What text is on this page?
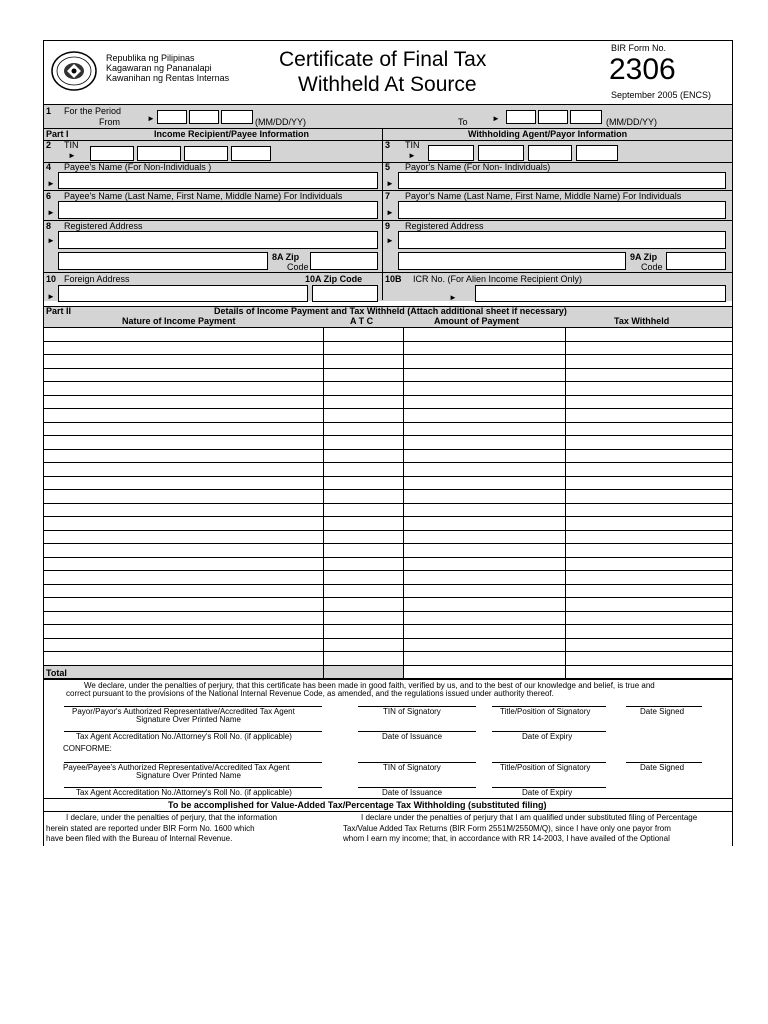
Republika ng Pilipinas
Kagawaran ng Pananalapi
Kawanihan ng Rentas Internas
Certificate of Final Tax
Withheld At Source
BIR Form No.
2306
September 2005 (ENCS)
1 For the Period
From	►	(MM/DD/YY)	To	►	(MM/DD/YY)
Part I	Income Recipient/Payee Information	Withholding Agent/Payor Information
2 TIN
►
3 TIN
►
4 Payee's Name (For Non-Individuals )
►
5 Payor's Name (For Non- Individuals)
►
6 Payee's Name (Last Name, First Name, Middle Name) For Individuals
►
7 Payor's Name (Last Name, First Name, Middle Name) For Individuals
►
8 Registered Address
►
8A Zip
Code
9 Registered Address
►
9A Zip
Code
10 Foreign Address	10A Zip Code
►
10B ICR No. (For Alien Income Recipient Only)
►
Part II	Details of Income Payment and Tax Withheld (Attach additional sheet if necessary)
Nature of Income Payment	A T C	Amount of Payment	Tax Withheld
Total
We declare, under the penalties of perjury, that this certificate has been made in good faith, verified by us, and to the best of our knowledge and belief, is true and
correct pursuant to the provisions of the National Internal Revenue Code, as amended, and the regulations issued under authority thereof.
Payor/Payor's Authorized Representative/Accredited Tax Agent
Signature Over Printed Name
TIN of Signatory	Title/Position of Signatory	Date Signed
Tax Agent Accreditation No./Attorney's Roll No. (if applicable)	Date of Issuance	Date of Expiry
CONFORME:
Payee/Payee's Authorized Representative/Accredited Tax Agent
Signature Over Printed Name
TIN of Signatory	Title/Position of Signatory	Date Signed
Tax Agent Accreditation No./Attorney's Roll No. (if applicable)	Date of Issuance	Date of Expiry
To be accomplished for Value-Added Tax/Percentage Tax Withholding (substituted filing)
I declare, under the penalties of perjury, that the information
herein stated are reported under BIR Form No. 1600 which
have been filed with the Bureau of Internal Revenue.
I declare under the penalties of perjury that I am qualified under substituted filing of Percentage
Tax/Value Added Tax Returns (BIR Form 2551M/2550M/Q), since I have only one payor from
whom I earn my income; that, in accordance with RR 14-2003, I have availed of the Optional
